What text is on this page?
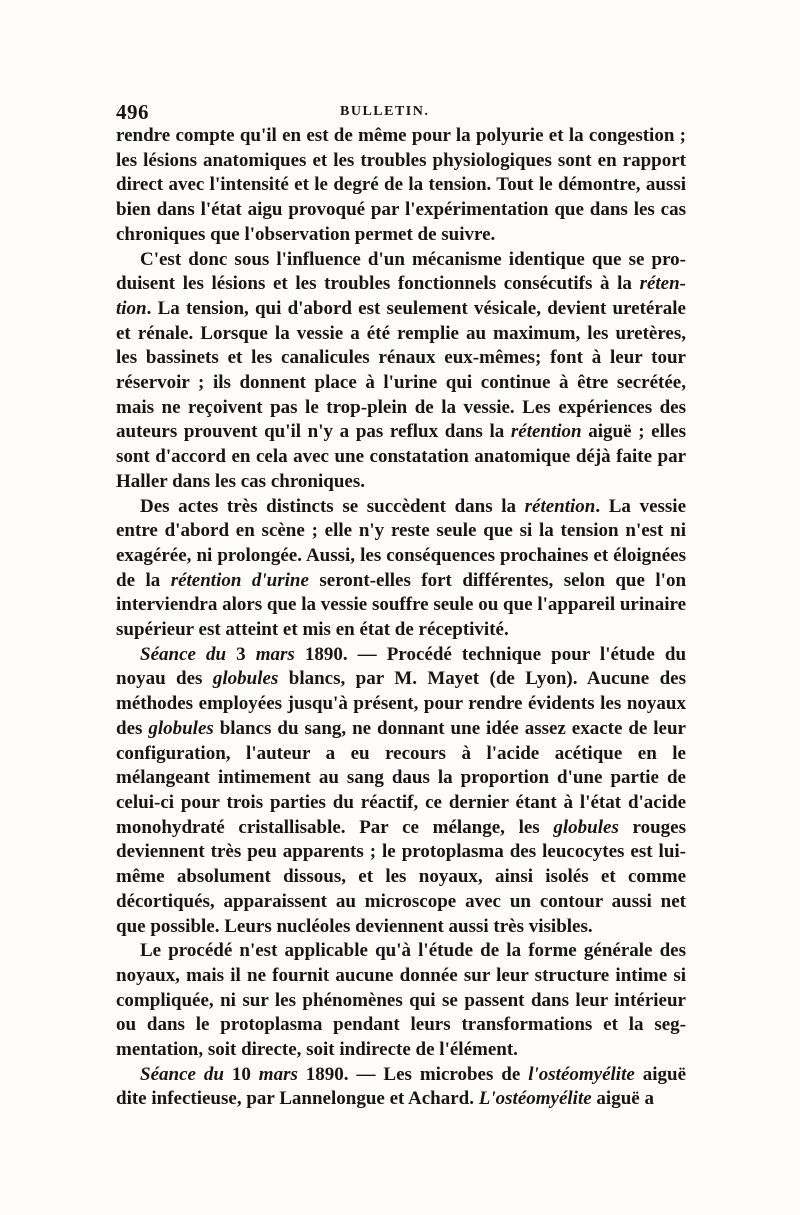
496	BULLETIN.

rendre compte qu'il en est de même pour la polyurie et la congestion ; les lésions anatomiques et les troubles physiologiques sont en rapport direct avec l'intensité et le degré de la tension. Tout le démontre, aussi bien dans l'état aigu provoqué par l'expérimentation que dans les cas chroniques que l'observation permet de suivre.

C'est donc sous l'influence d'un mécanisme identique que se produisent les lésions et les troubles fonctionnels consécutifs à la rétention. La tension, qui d'abord est seulement vésicale, devient uretérale et rénale. Lorsque la vessie a été remplie au maximum, les uretères, les bassinets et les canalicules rénaux eux-mêmes; font à leur tour réservoir ; ils donnent place à l'urine qui continue à être secrétée, mais ne reçoivent pas le trop-plein de la vessie. Les expériences des auteurs prouvent qu'il n'y a pas reflux dans la rétention aiguë ; elles sont d'accord en cela avec une constatation anatomique déjà faite par Haller dans les cas chroniques.

Des actes très distincts se succèdent dans la rétention. La vessie entre d'abord en scène ; elle n'y reste seule que si la tension n'est ni exagérée, ni prolongée. Aussi, les conséquences prochaines et éloignées de la rétention d'urine seront-elles fort différentes, selon que l'on interviendra alors que la vessie souffre seule ou que l'appareil urinaire supérieur est atteint et mis en état de réceptivité.

Séance du 3 mars 1890. — Procédé technique pour l'étude du noyau des globules blancs, par M. Mayet (de Lyon). Aucune des méthodes employées jusqu'à présent, pour rendre évidents les noyaux des globules blancs du sang, ne donnant une idée assez exacte de leur configuration, l'auteur a eu recours à l'acide acétique en le mélangeant intimement au sang daus la proportion d'une partie de celui-ci pour trois parties du réactif, ce dernier étant à l'état d'acide monohydraté cristallisable. Par ce mélange, les globules rouges deviennent très peu apparents ; le protoplasma des leucocytes est lui-même absolument dissous, et les noyaux, ainsi isolés et comme décortiqués, apparaissent au microscope avec un contour aussi net que possible. Leurs nucléoles deviennent aussi très visibles.

Le procédé n'est applicable qu'à l'étude de la forme générale des noyaux, mais il ne fournit aucune donnée sur leur structure intime si compliquée, ni sur les phénomènes qui se passent dans leur intérieur ou dans le protoplasma pendant leurs transformations et la segmentation, soit directe, soit indirecte de l'élément.

Séance du 10 mars 1890. — Les microbes de l'ostéomyélite aiguë dite infectieuse, par Lannelongue et Achard. L'ostéomyélite aiguë a
